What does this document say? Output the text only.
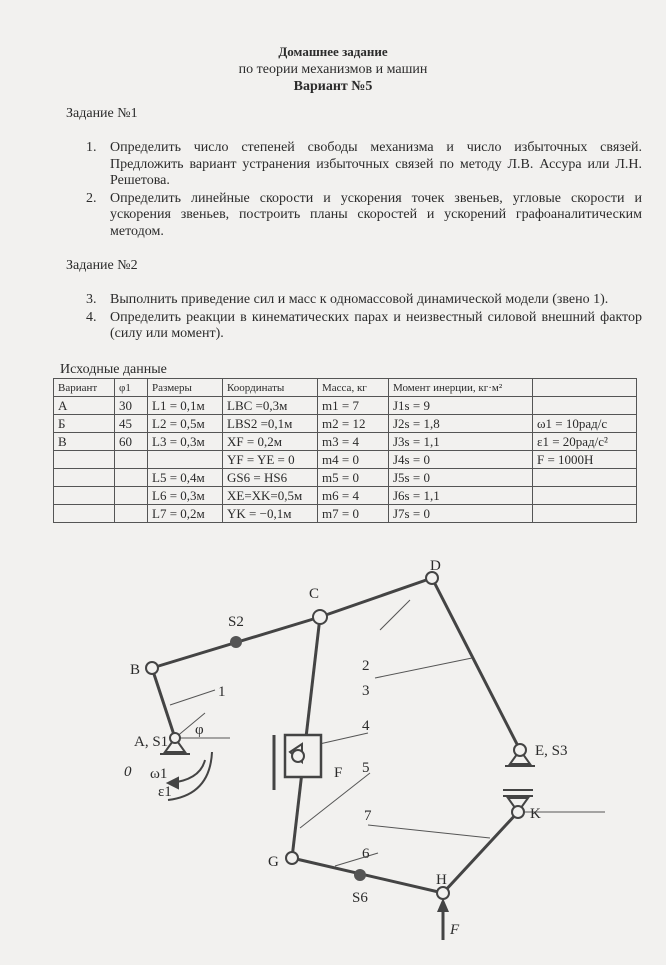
Домашнее задание
по теории механизмов и машин
Вариант №5
Задание №1
1. Определить число степеней свободы механизма и число избыточных связей. Предложить вариант устранения избыточных связей по методу Л.В. Ассура или Л.Н. Решетова.
2. Определить линейные скорости и ускорения точек звеньев, угловые скорости и ускорения звеньев, построить планы скоростей и ускорений графоаналитическим методом.
Задание №2
3. Выполнить приведение сил и масс к одномассовой динамической модели (звено 1).
4. Определить реакции в кинематических парах и неизвестный силовой внешний фактор (силу или момент).
Исходные данные
Вариант	φ1	Размеры	Координаты	Масса, кг	Момент инерции, кг·м²	
А	30	L1 = 0,1м	LBC =0,3м	m1 = 7	J1s = 9	
Б	45	L2 = 0,5м	LBS2 =0,1м	m2 = 12	J2s = 1,8	ω1 = 10рад/с
В	60	L3 = 0,3м	XF = 0,2м	m3 = 4	J3s = 1,1	ε1 = 20рад/с²
			YF = YE = 0	m4 = 0	J4s = 0	F = 1000Н
		L5 = 0,4м	GS6 = HS6	m5 = 0	J5s = 0	
		L6 = 0,3м	XE=XK=0,5м	m6 = 4	J6s = 1,1	
		L7 = 0,2м	YK = −0,1м	m7 = 0	J7s = 0	
D
C
S2
B
A, S1
φ
E, S3
K
G
H
S6
F
F
ω1
ε1
0
1
2
3
4
5
7
6
